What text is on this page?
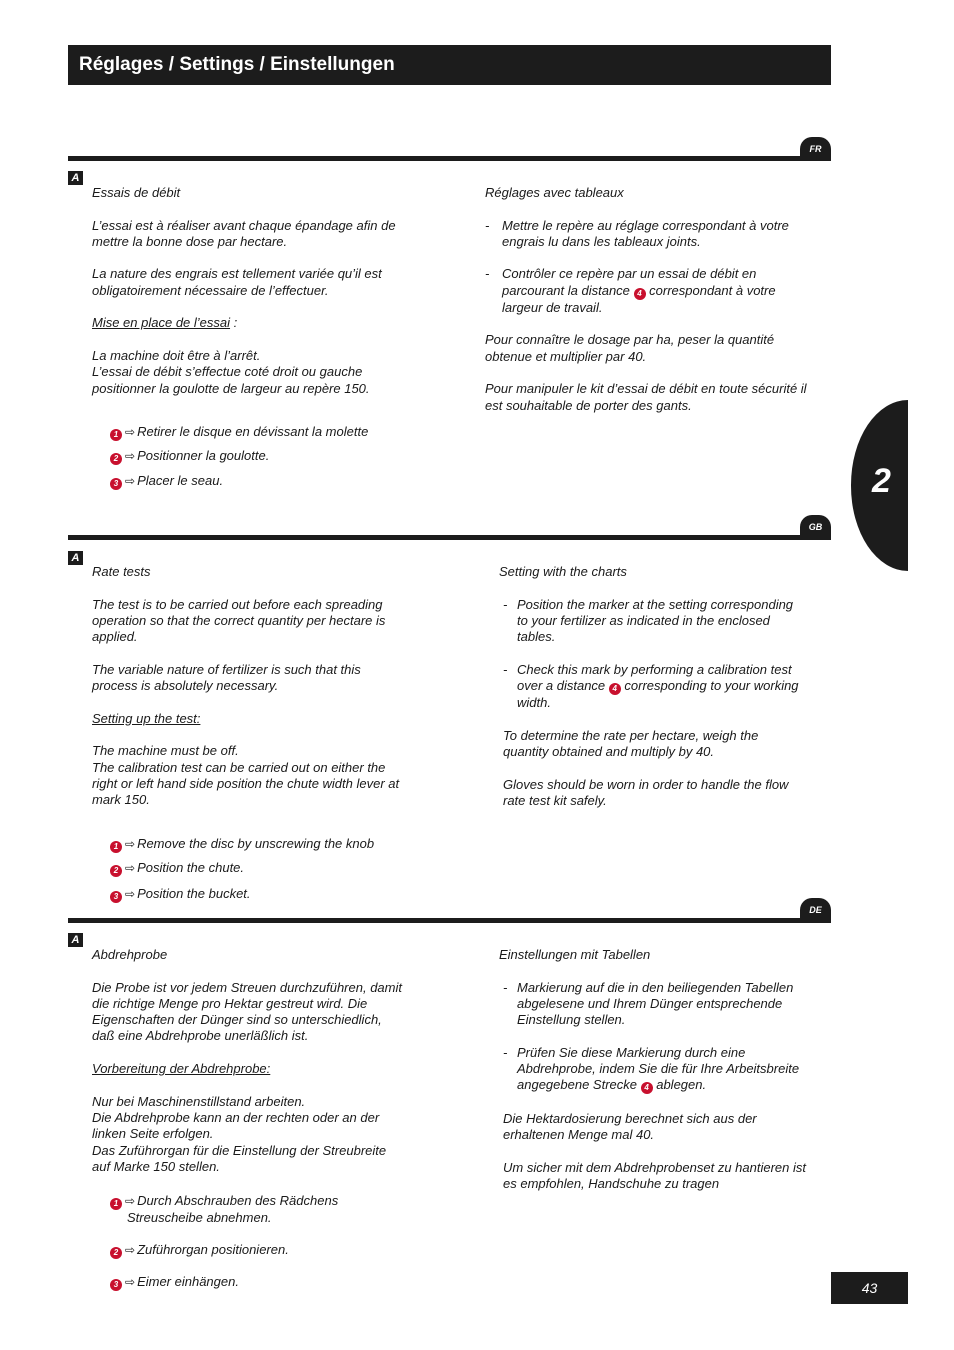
Réglages / Settings / Einstellungen
2
FR
A

Essais de débit

L’essai est à réaliser avant chaque épandage afin de mettre la bonne dose par hectare.

La nature des engrais est tellement variée qu’il est obligatoirement nécessaire de l’effectuer.

Mise en place de l’essai :

La machine doit être à l’arrêt.
L’essai de débit s’effectue coté droit ou gauche positionner la goulotte de largeur au repère 150.

1 ⇨ Retirer le disque en dévissant la molette
2 ⇨ Positionner la goulotte.
3 ⇨ Placer le seau.

Réglages avec tableaux

- Mettre le repère au réglage correspondant à votre engrais lu dans les tableaux joints.
- Contrôler ce repère par un essai de débit en parcourant la distance 4 correspondant à votre largeur de travail.

Pour connaître le dosage par ha, peser la quantité obtenue et multiplier par 40.

Pour manipuler le kit d’essai de débit en toute sécurité il est souhaitable de porter des gants.

GB
A

Rate tests

The test is to be carried out before each spreading operation so that the correct quantity per hectare is applied.

The variable nature of fertilizer is such that this process is absolutely necessary.

Setting up the test:

The machine must be off.
The calibration test can be carried out on either the right or left hand side position the chute width lever at mark 150.

1 ⇨ Remove the disc by unscrewing the knob
2 ⇨ Position the chute.
3 ⇨ Position the bucket.

Setting with the charts

- Position the marker at the setting corresponding to your fertilizer as indicated in the enclosed tables.
- Check this mark by performing a calibration test over a distance 4 corresponding to your working width.

To determine the rate per hectare, weigh the quantity obtained and multiply by 40.

Gloves should be worn in order to handle the flow rate test kit safely.

DE
A

Abdrehprobe

Die Probe ist vor jedem Streuen durchzuführen, damit die richtige Menge pro Hektar gestreut wird. Die Eigenschaften der Dünger sind so unterschiedlich, daß eine Abdrehprobe unerläßlich ist.

Vorbereitung der Abdrehprobe:

Nur bei Maschinenstillstand arbeiten.
Die Abdrehprobe kann an der rechten oder an der linken Seite erfolgen.
Das Zuführorgan für die Einstellung der Streubreite auf Marke 150 stellen.

1 ⇨ Durch Abschrauben des Rädchens
Streuscheibe abnehmen.
2 ⇨ Zuführorgan positionieren.
3 ⇨ Eimer einhängen.

Einstellungen mit Tabellen

- Markierung auf die in den beiliegenden Tabellen abgelesene und Ihrem Dünger entsprechende Einstellung stellen.
- Prüfen Sie diese Markierung durch eine Abdrehprobe, indem Sie die für Ihre Arbeitsbreite angegebene Strecke 4 ablegen.

Die Hektardosierung berechnet sich aus der erhaltenen Menge mal 40.

Um sicher mit dem Abdrehprobenset zu hantieren ist es empfohlen, Handschuhe zu tragen

43
